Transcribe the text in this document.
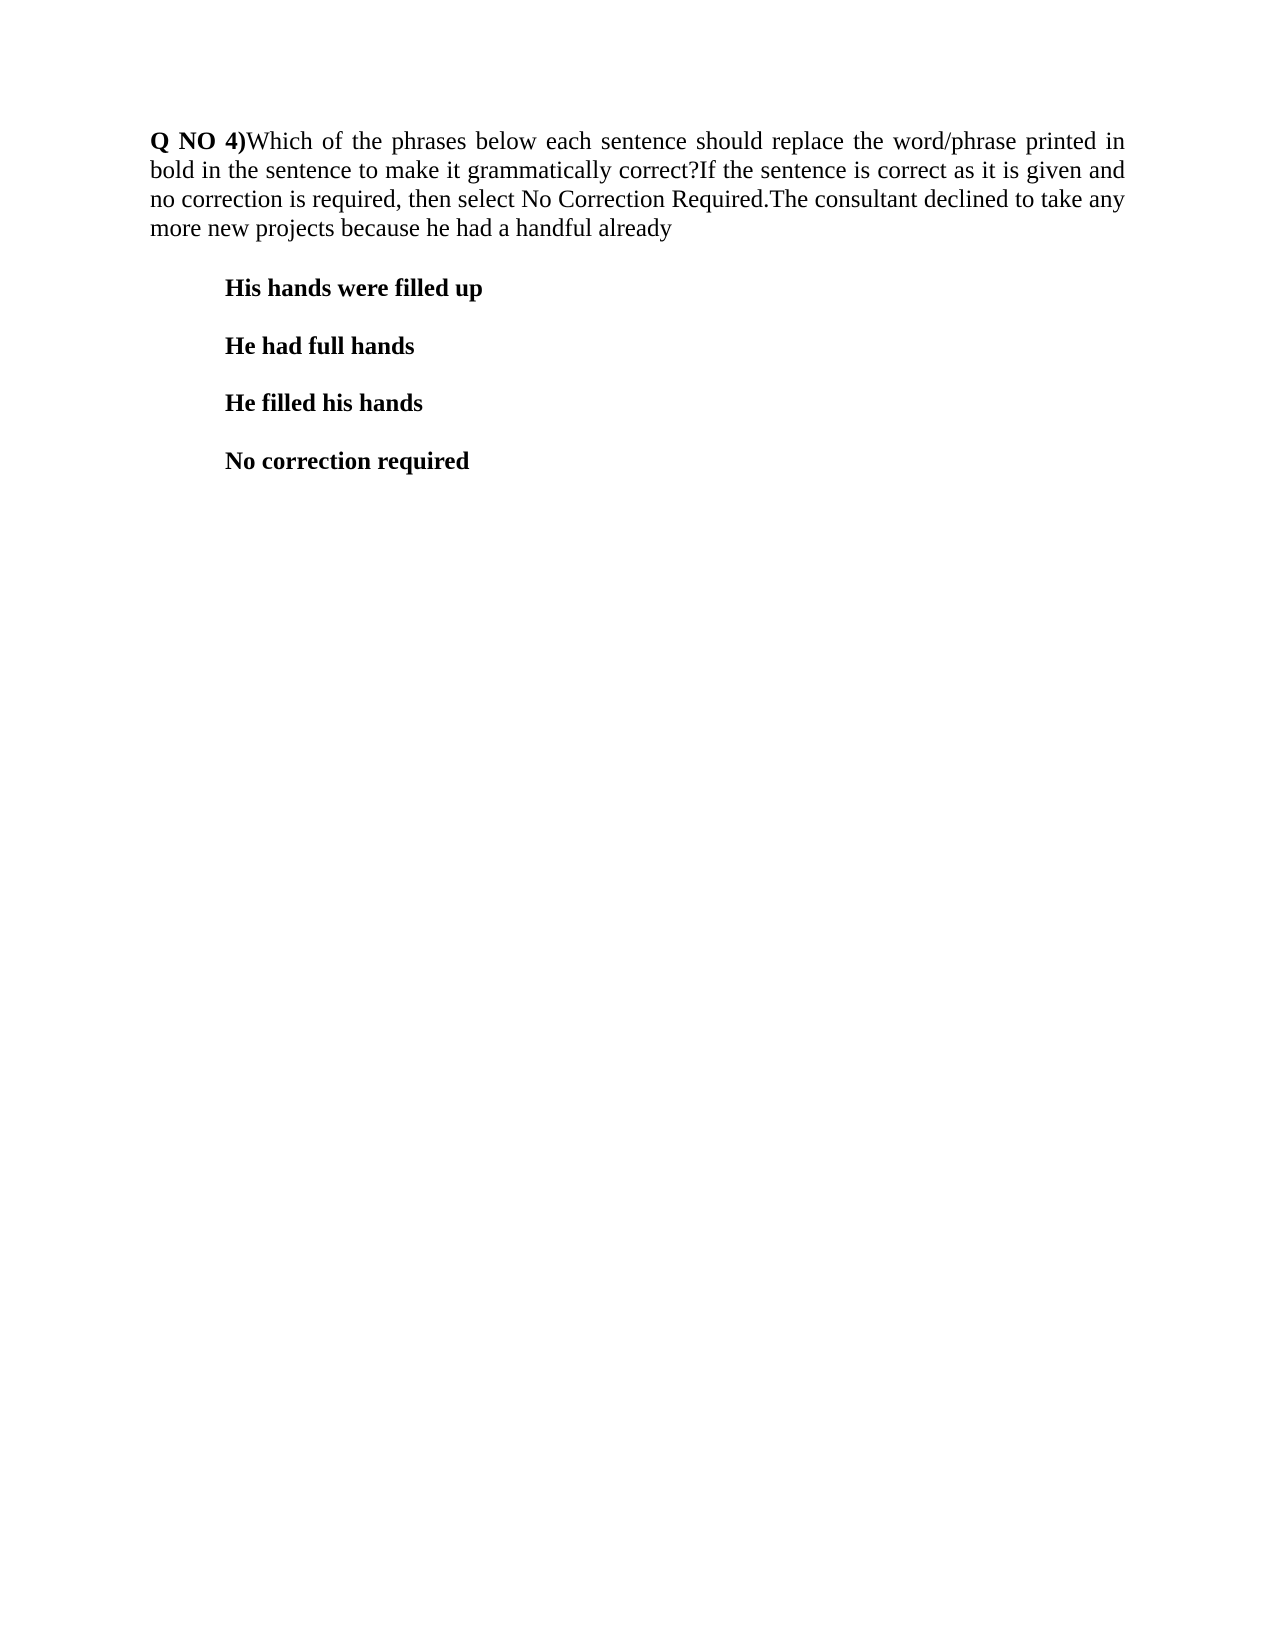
Q NO 4)Which of the phrases below each sentence should replace the word/phrase printed in bold in the sentence to make it grammatically correct?If the sentence is correct as it is given and no correction is required, then select No Correction Required.The consultant declined to take any more new projects because he had a handful already

His hands were filled up
He had full hands
He filled his hands
No correction required
